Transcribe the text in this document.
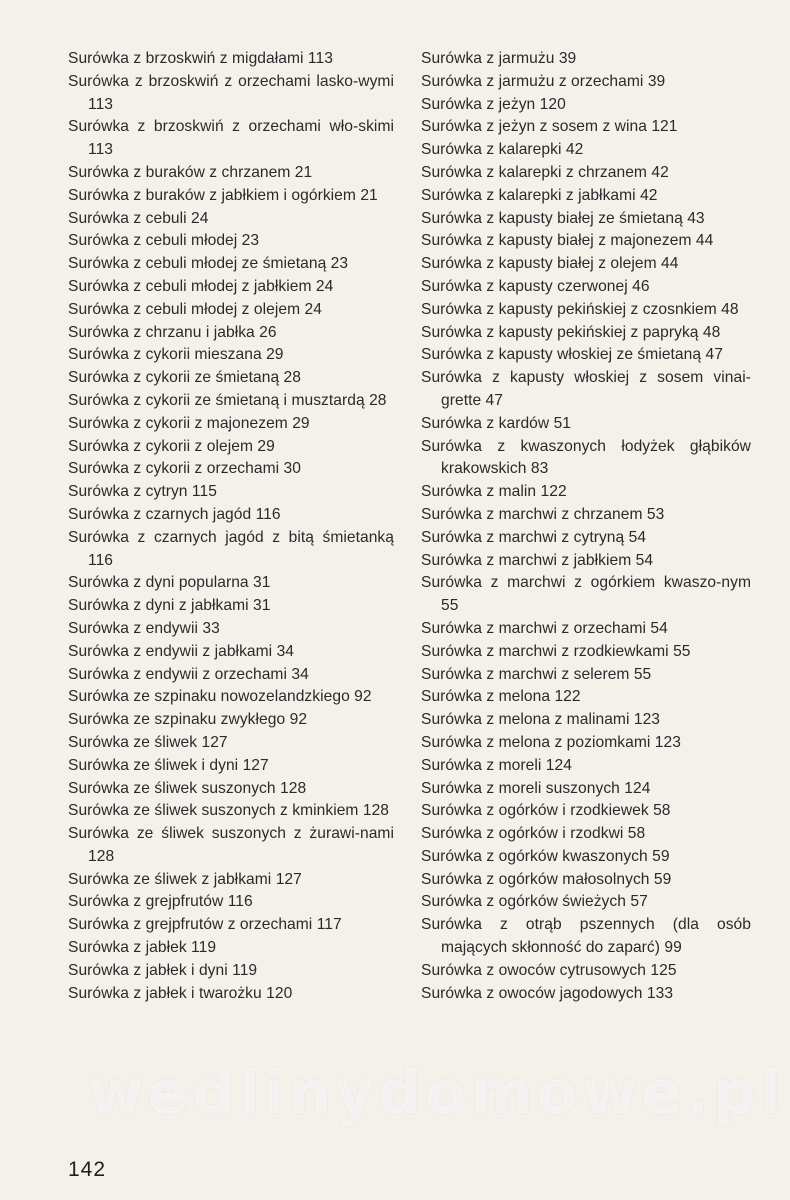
Surówka z brzoskwiń z migdałami 113

Surówka z brzoskwiń z orzechami lasko-wymi 113

Surówka z brzoskwiń z orzechami wło-skimi 113

Surówka z buraków z chrzanem 21

Surówka z buraków z jabłkiem i ogórkiem 21

Surówka z cebuli 24

Surówka z cebuli młodej 23

Surówka z cebuli młodej ze śmietaną 23

Surówka z cebuli młodej z jabłkiem 24

Surówka z cebuli młodej z olejem 24

Surówka z chrzanu i jabłka 26

Surówka z cykorii mieszana 29

Surówka z cykorii ze śmietaną 28

Surówka z cykorii ze śmietaną i musztardą 28

Surówka z cykorii z majonezem 29

Surówka z cykorii z olejem 29

Surówka z cykorii z orzechami 30

Surówka z cytryn 115

Surówka z czarnych jagód 116

Surówka z czarnych jagód z bitą śmietanką 116

Surówka z dyni popularna 31

Surówka z dyni z jabłkami 31

Surówka z endywii 33

Surówka z endywii z jabłkami 34

Surówka z endywii z orzechami 34

Surówka ze szpinaku nowozelandzkiego 92

Surówka ze szpinaku zwykłego 92

Surówka ze śliwek 127

Surówka ze śliwek i dyni 127

Surówka ze śliwek suszonych 128

Surówka ze śliwek suszonych z kminkiem 128

Surówka ze śliwek suszonych z żurawi-nami 128

Surówka ze śliwek z jabłkami 127

Surówka z grejpfrutów 116

Surówka z grejpfrutów z orzechami 117

Surówka z jabłek 119

Surówka z jabłek i dyni 119

Surówka z jabłek i twarożku 120

Surówka z jarmużu 39

Surówka z jarmużu z orzechami 39

Surówka z jeżyn 120

Surówka z jeżyn z sosem z wina 121

Surówka z kalarepki 42

Surówka z kalarepki z chrzanem 42

Surówka z kalarepki z jabłkami 42

Surówka z kapusty białej ze śmietaną 43

Surówka z kapusty białej z majonezem 44

Surówka z kapusty białej z olejem 44

Surówka z kapusty czerwonej 46

Surówka z kapusty pekińskiej z czosnkiem 48

Surówka z kapusty pekińskiej z papryką 48

Surówka z kapusty włoskiej ze śmietaną 47

Surówka z kapusty włoskiej z sosem vinai-grette 47

Surówka z kardów 51

Surówka z kwaszonych łodyżek głąbików krakowskich 83

Surówka z malin 122

Surówka z marchwi z chrzanem 53

Surówka z marchwi z cytryną 54

Surówka z marchwi z jabłkiem 54

Surówka z marchwi z ogórkiem kwaszo-nym 55

Surówka z marchwi z orzechami 54

Surówka z marchwi z rzodkiewkami 55

Surówka z marchwi z selerem 55

Surówka z melona 122

Surówka z melona z malinami 123

Surówka z melona z poziomkami 123

Surówka z moreli 124

Surówka z moreli suszonych 124

Surówka z ogórków i rzodkiewek 58

Surówka z ogórków i rzodkwi 58

Surówka z ogórków kwaszonych 59

Surówka z ogórków małosolnych 59

Surówka z ogórków świeżych 57

Surówka z otrąb pszennych (dla osób mających skłonność do zaparć) 99

Surówka z owoców cytrusowych 125

Surówka z owoców jagodowych 133

wedlinydomowe.pl
142
